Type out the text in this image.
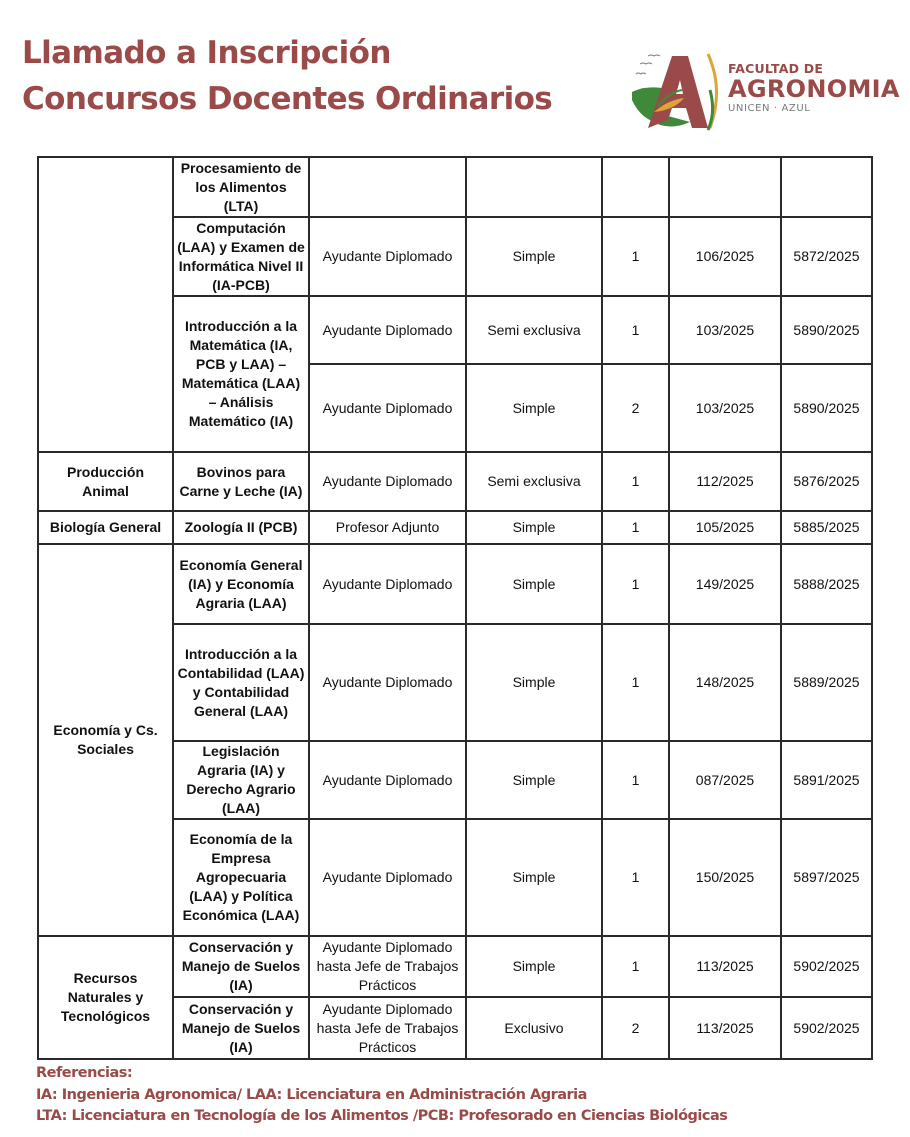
Llamado a Inscripción
Concursos Docentes Ordinarios
FACULTAD DE
AGRONOMIA
UNICEN · AZUL
	Procesamiento de los Alimentos (LTA)					
	Computación (LAA) y Examen de Informática Nivel II (IA-PCB)	Ayudante Diplomado	Simple	1	106/2025	5872/2025
	Introducción a la Matemática (IA, PCB y LAA) – Matemática (LAA) – Análisis Matemático (IA)	Ayudante Diplomado	Semi exclusiva	1	103/2025	5890/2025
		Ayudante Diplomado	Simple	2	103/2025	5890/2025
Producción Animal	Bovinos para Carne y Leche (IA)	Ayudante Diplomado	Semi exclusiva	1	112/2025	5876/2025
Biología General	Zoología II (PCB)	Profesor Adjunto	Simple	1	105/2025	5885/2025
Economía y Cs. Sociales	Economía General (IA) y Economía Agraria (LAA)	Ayudante Diplomado	Simple	1	149/2025	5888/2025
	Introducción a la Contabilidad (LAA) y Contabilidad General (LAA)	Ayudante Diplomado	Simple	1	148/2025	5889/2025
	Legislación Agraria (IA) y Derecho Agrario (LAA)	Ayudante Diplomado	Simple	1	087/2025	5891/2025
	Economía de la Empresa Agropecuaria (LAA) y Política Económica (LAA)	Ayudante Diplomado	Simple	1	150/2025	5897/2025
Recursos Naturales y Tecnológicos	Conservación y Manejo de Suelos (IA)	Ayudante Diplomado hasta Jefe de Trabajos Prácticos	Simple	1	113/2025	5902/2025
	Conservación y Manejo de Suelos (IA)	Ayudante Diplomado hasta Jefe de Trabajos Prácticos	Exclusivo	2	113/2025	5902/2025
Referencias:
IA: Ingenieria Agronomica/ LAA: Licenciatura en Administración Agraria
LTA: Licenciatura en Tecnología de los Alimentos /PCB: Profesorado en Ciencias Biológicas
